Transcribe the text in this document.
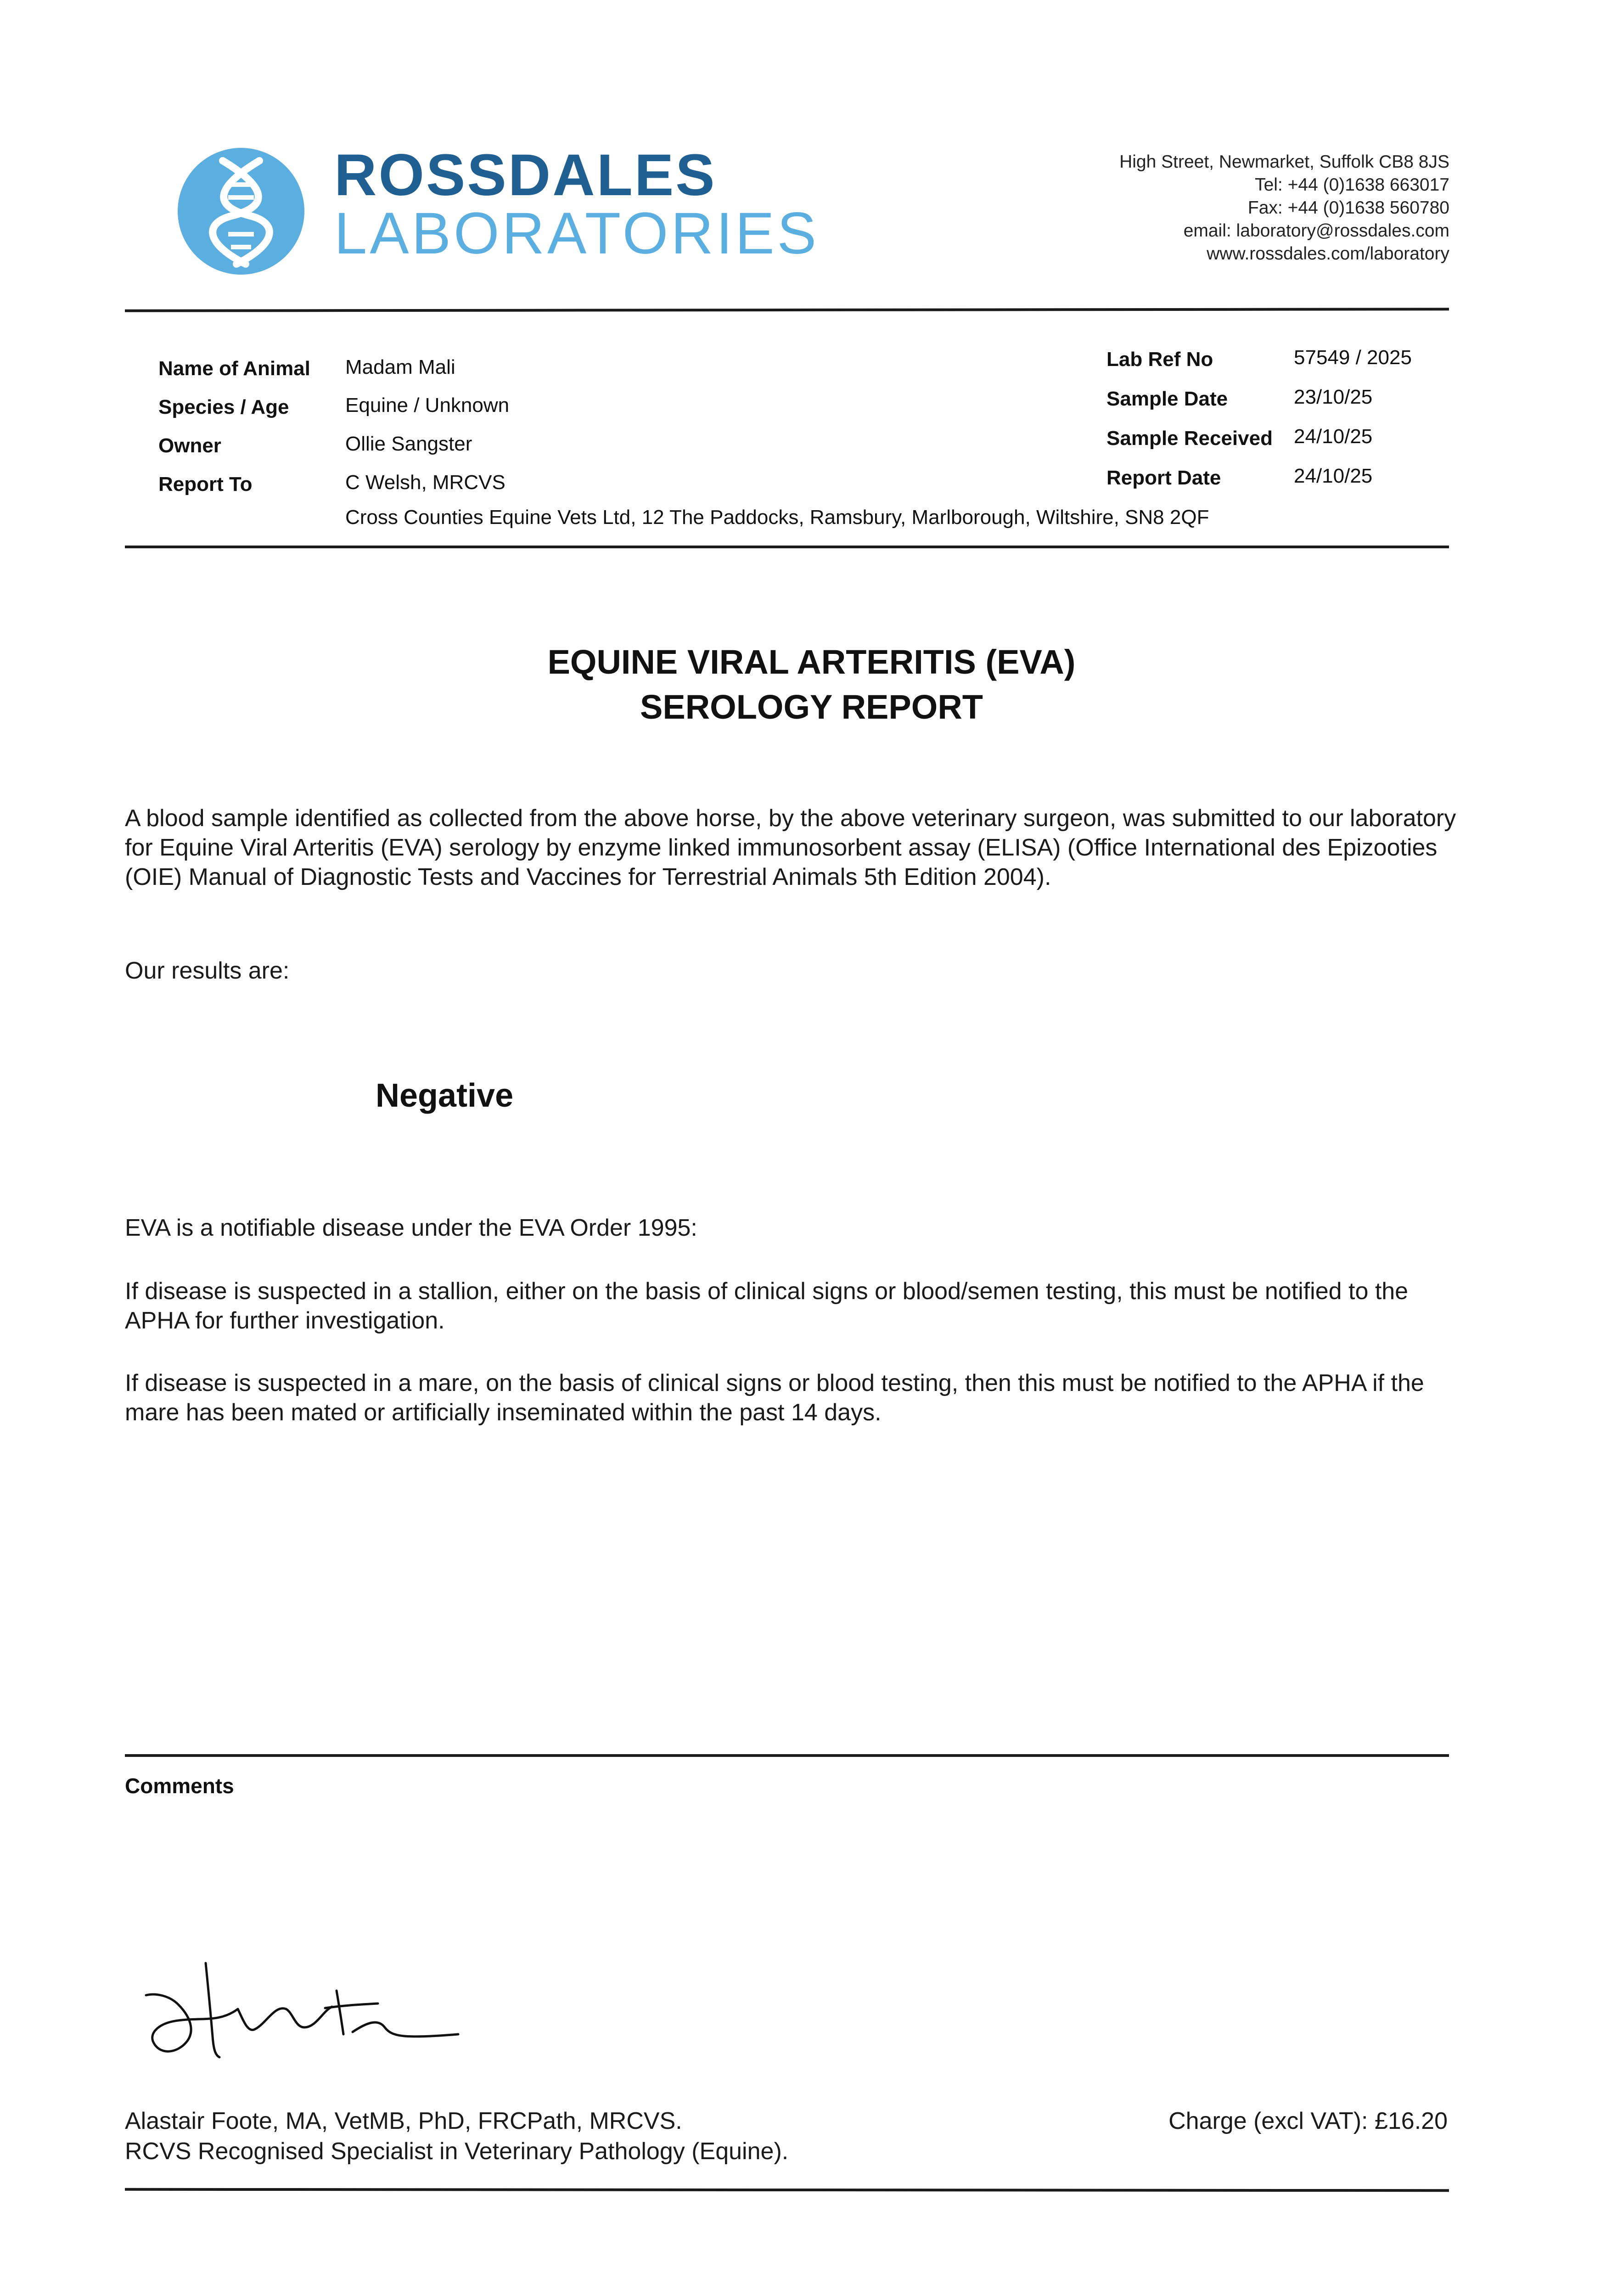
ROSSDALES
LABORATORIES
High Street, Newmarket, Suffolk CB8 8JS
Tel: +44 (0)1638 663017
Fax: +44 (0)1638 560780
email: laboratory@rossdales.com
www.rossdales.com/laboratory
Name of Animal Madam Mali
Species / Age	Equine / Unknown
Owner	Ollie Sangster
Report To	C Welsh, MRCVS
Cross Counties Equine Vets Ltd, 12 The Paddocks, Ramsbury, Marlborough, Wiltshire, SN8 2QF
Lab Ref No	57549 / 2025
Sample Date	23/10/25
Sample Received 24/10/25
Report Date	24/10/25
EQUINE VIRAL ARTERITIS (EVA)
SEROLOGY REPORT
A blood sample identified as collected from the above horse, by the above veterinary surgeon, was submitted to our laboratory for Equine Viral Arteritis (EVA) serology by enzyme linked immunosorbent assay (ELISA) (Office International des Epizooties (OIE) Manual of Diagnostic Tests and Vaccines for Terrestrial Animals 5th Edition 2004).
Our results are:
Negative
EVA is a notifiable disease under the EVA Order 1995:
If disease is suspected in a stallion, either on the basis of clinical signs or blood/semen testing, this must be notified to the APHA for further investigation.
If disease is suspected in a mare, on the basis of clinical signs or blood testing, then this must be notified to the APHA if the mare has been mated or artificially inseminated within the past 14 days.
Comments
Alastair Foote, MA, VetMB, PhD, FRCPath, MRCVS.
RCVS Recognised Specialist in Veterinary Pathology (Equine).
Charge (excl VAT): £16.20
